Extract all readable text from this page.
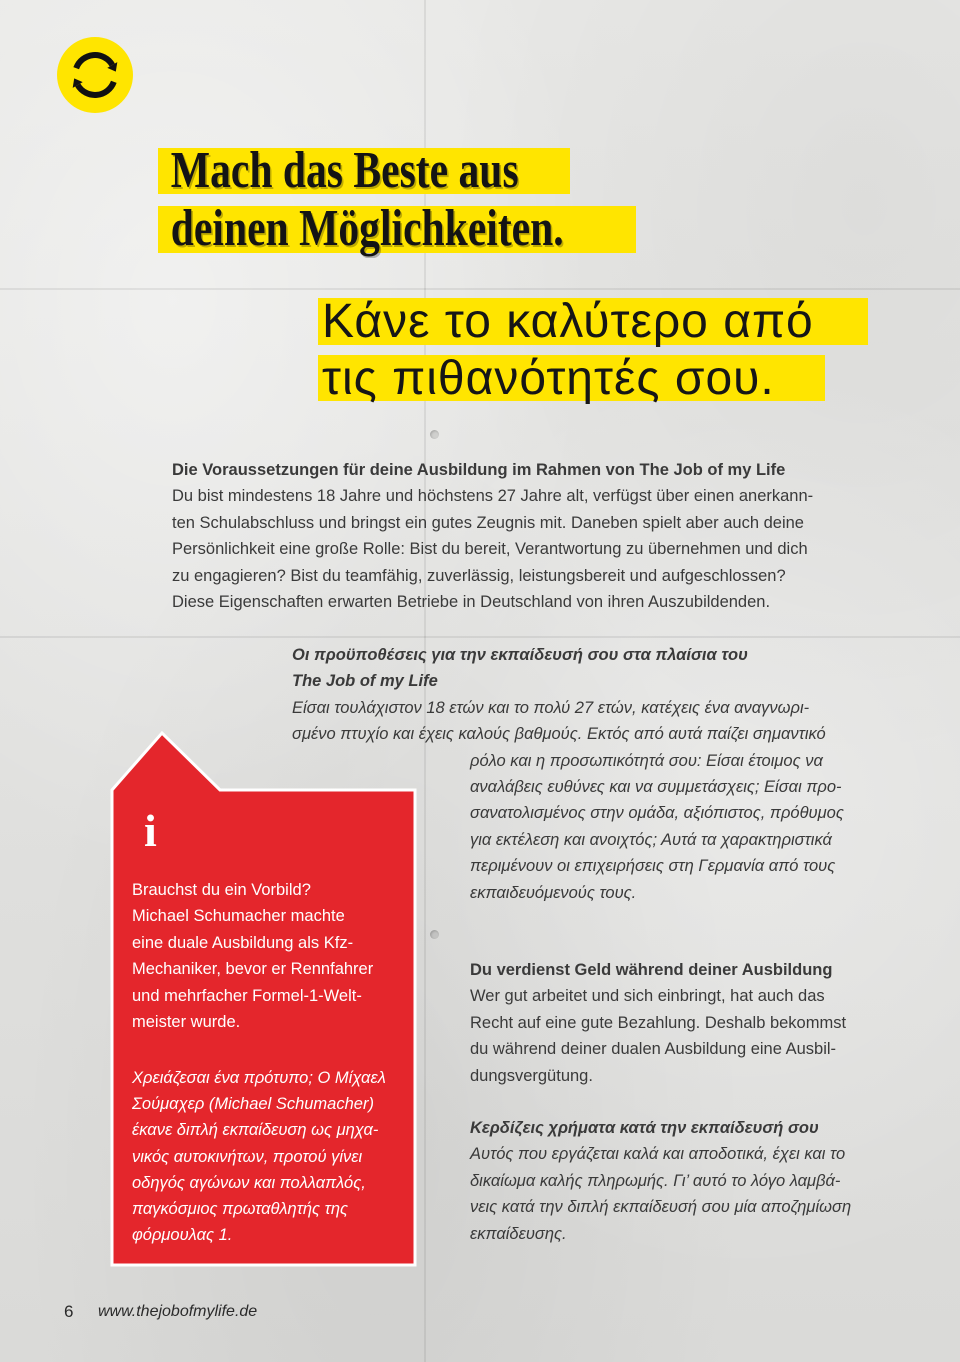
Mach das Beste aus
deinen Möglichkeiten.
Κάνε το καλύτερο από
τις πιθανότητές σου.
Die Voraussetzungen für deine Ausbildung im Rahmen von The Job of my Life
Du bist mindestens 18 Jahre und höchstens 27 Jahre alt, verfügst über einen anerkann-
ten Schulabschluss und bringst ein gutes Zeugnis mit. Daneben spielt aber auch deine
Persönlichkeit eine große Rolle: Bist du bereit, Verantwortung zu übernehmen und dich
zu engagieren? Bist du teamfähig, zuverlässig, leistungsbereit und aufgeschlossen?
Diese Eigenschaften erwarten Betriebe in Deutschland von ihren Auszubildenden.
Οι προϋποθέσεις για την εκπαίδευσή σου στα πλαίσια του
The Job of my Life
Είσαι τουλάχιστον 18 ετών και το πολύ 27 ετών, κατέχεις ένα αναγνωρι-
σμένο πτυχίο και έχεις καλούς βαθμούς. Εκτός από αυτά παίζει σημαντικό
ρόλο και η προσωπικότητά σου: Είσαι έτοιμος να
αναλάβεις ευθύνες και να συμμετάσχεις; Είσαι προ-
σανατολισμένος στην ομάδα, αξιόπιστος, πρόθυμος
για εκτέλεση και ανοιχτός; Αυτά τα χαρακτηριστικά
περιμένουν οι επιχειρήσεις στη Γερμανία από τους
εκπαιδευόμενούς τους.
i
Brauchst du ein Vorbild?
Michael Schumacher machte
eine duale Ausbildung als Kfz-
Mechaniker, bevor er Rennfahrer
und mehrfacher Formel-1-Welt-
meister wurde.
Χρειάζεσαι ένα πρότυπο; Ο Μίχαελ
Σούμαχερ (Michael Schumacher)
έκανε διπλή εκπαίδευση ως μηχα-
νικός αυτοκινήτων, προτού γίνει
οδηγός αγώνων και πολλαπλός,
παγκόσμιος πρωταθλητής της
φόρμουλας 1.
Du verdienst Geld während deiner Ausbildung
Wer gut arbeitet und sich einbringt, hat auch das
Recht auf eine gute Bezahlung. Deshalb bekommst
du während deiner dualen Ausbildung eine Ausbil-
dungsvergütung.
Κερδίζεις χρήματα κατά την εκπαίδευσή σου
Αυτός που εργάζεται καλά και αποδοτικά, έχει και το
δικαίωμα καλής πληρωμής. Γι’ αυτό το λόγο λαμβά-
νεις κατά την διπλή εκπαίδευσή σου μία αποζημίωση
εκπαίδευσης.
6 www.thejobofmylife.de
